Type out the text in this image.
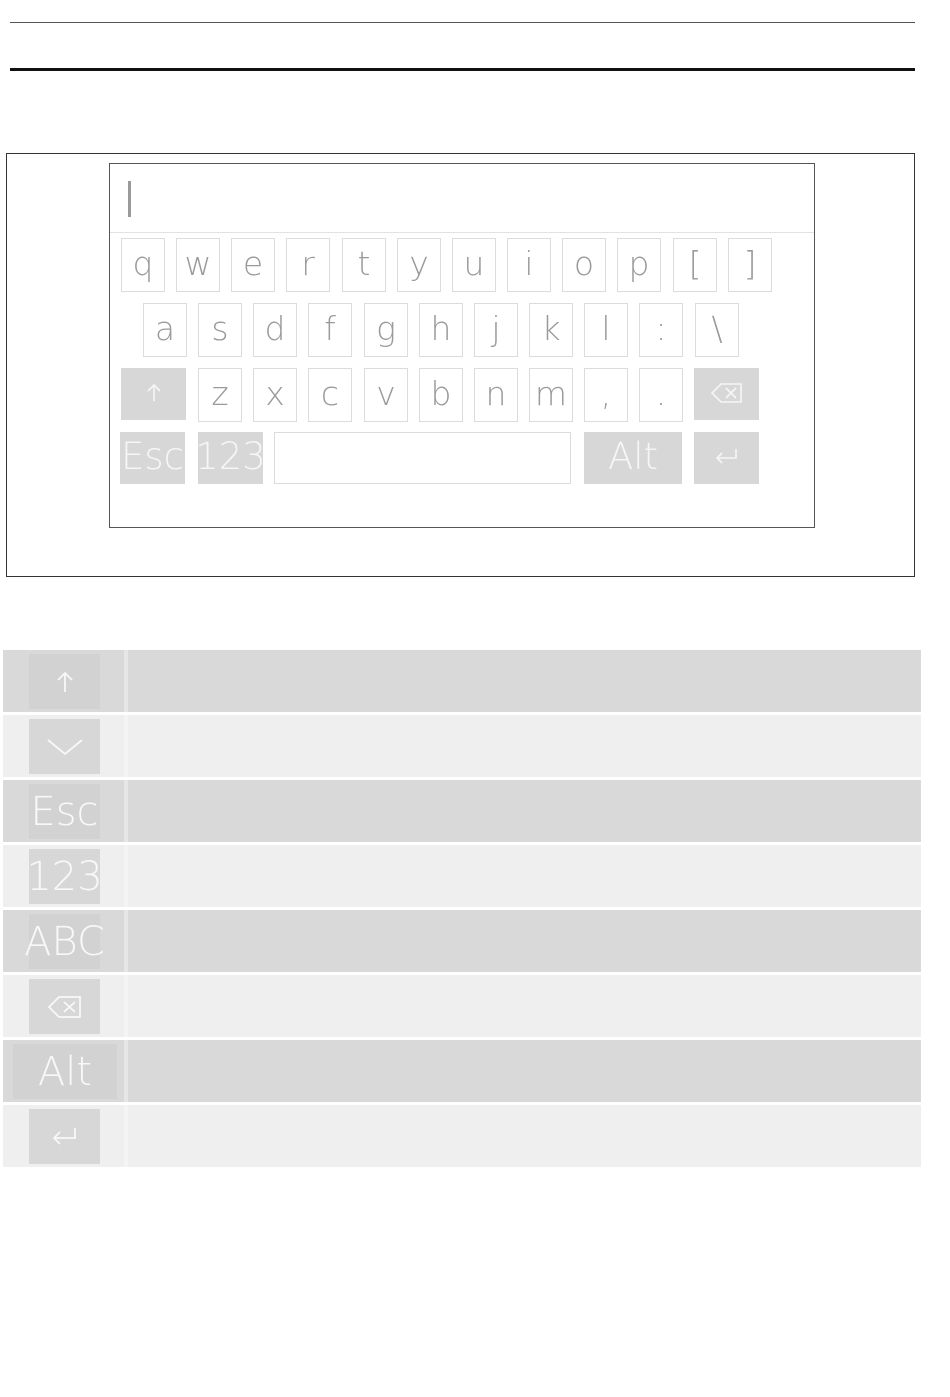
q w e	r	t	y	u	i	o	p	[	]
a	s	d	f	g	h	j	k	l	:	\
z	x	c	v	b	n m	,	.
Esc 123	Alt
Esc
123
ABC
Alt
